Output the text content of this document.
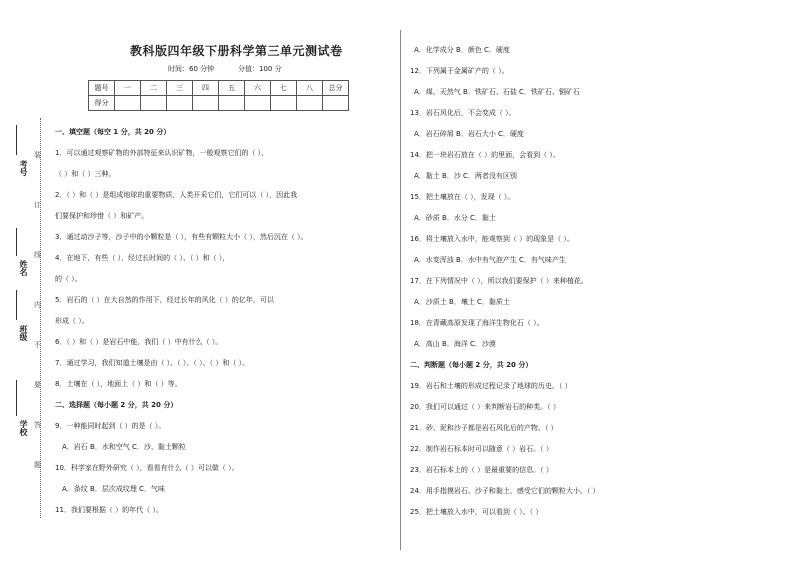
考号
姓名
班级
学校
装
订
线
内
不
要
答
题
教科版四年级下册科学第三单元测试卷
时间：60 分钟	分值：100 分
题号	一	二	三	四	五	六	七	八	总分
得分									
一、填空题（每空 1 分，共 20 分）
1．可以通过观察矿物的外部特征来认识矿物，一般观察它们的（ ）、
（ ）和（ ）三种。
2．（ ）和（ ）是组成地球的重要物质，人类开采它们，它们可以（ ），因此我
们要保护和珍惜（ ）和矿产。
3．通过动沙子等，沙子中的小颗粒是（ ），有些有颗粒大小（ ），然后沉在（ ）。
4．在地下，有些（ ），经过长时间的（ ）、（ ）和（ ），
的（ ）。
5．岩石的（ ）在大自然的作用下，经过长年的风化（ ）的亿年，可以
形成（ ）。
6．（ ）和（ ）是岩石中能，我们（ ）中有什么（ ）。
7．通过学习，我们知道土壤是由（ ）、（ ）、（ ）、（ ）和（ ）。
8．土壤在（ ），地面上（ ）和（ ）等。
二、选择题（每小题 2 分，共 20 分）
9．一种能同时起到（ ）的是（ ）。
A．岩石 B．水和空气 C．沙、黏土颗粒
10．科学家在野外研究（ ），看看有什么（ ）可以做（ ）。
A．条纹 B．层次成纹理 C．气味
11．我们要根据（ ）的年代（ ）。
A．化学成分 B．颜色 C．硬度
12．下列属于金属矿产的（ ）。
A．煤、天然气 B．铁矿石、石盐 C．铁矿石、铜矿石
13．岩石风化后，不会变成（ ）。
A．岩石碎屑 B．岩石大小 C．硬度
14．把一块岩石放在（ ）的里面，会看到（ ）。
A．黏土 B．沙 C．两者没有区别
15．把土壤放在（ ），发现（ ）。
A．砂质 B．水分 C．黏土
16．将土壤放入水中，能观察到（ ）的现象是（ ）。
A．水变浑浊 B．水中有气泡产生 C．有气味产生
17．在下列情况中（ ），所以我们要保护（ ）来种植花。
A．沙质土 B．壤土 C．黏质土
18．在青藏高原发现了海洋生物化石（ ）。
A．高山 B．海洋 C．沙漠
二、判断题（每小题 2 分，共 20 分）
19．岩石和土壤的形成过程记录了地球的历史。（ ）
20．我们可以通过（ ）来判断岩石的种类。（ ）
21．砂、泥和沙子都是岩石风化后的产物。（ ）
22．制作岩石标本时可以随意（ ）岩石。（ ）
23．岩石标本上的（ ）是最重要的信息。（ ）
24．用手指摸岩石、沙子和黏土，感受它们的颗粒大小。（ ）
25．把土壤放入水中，可以看到（ ）。（ ）
